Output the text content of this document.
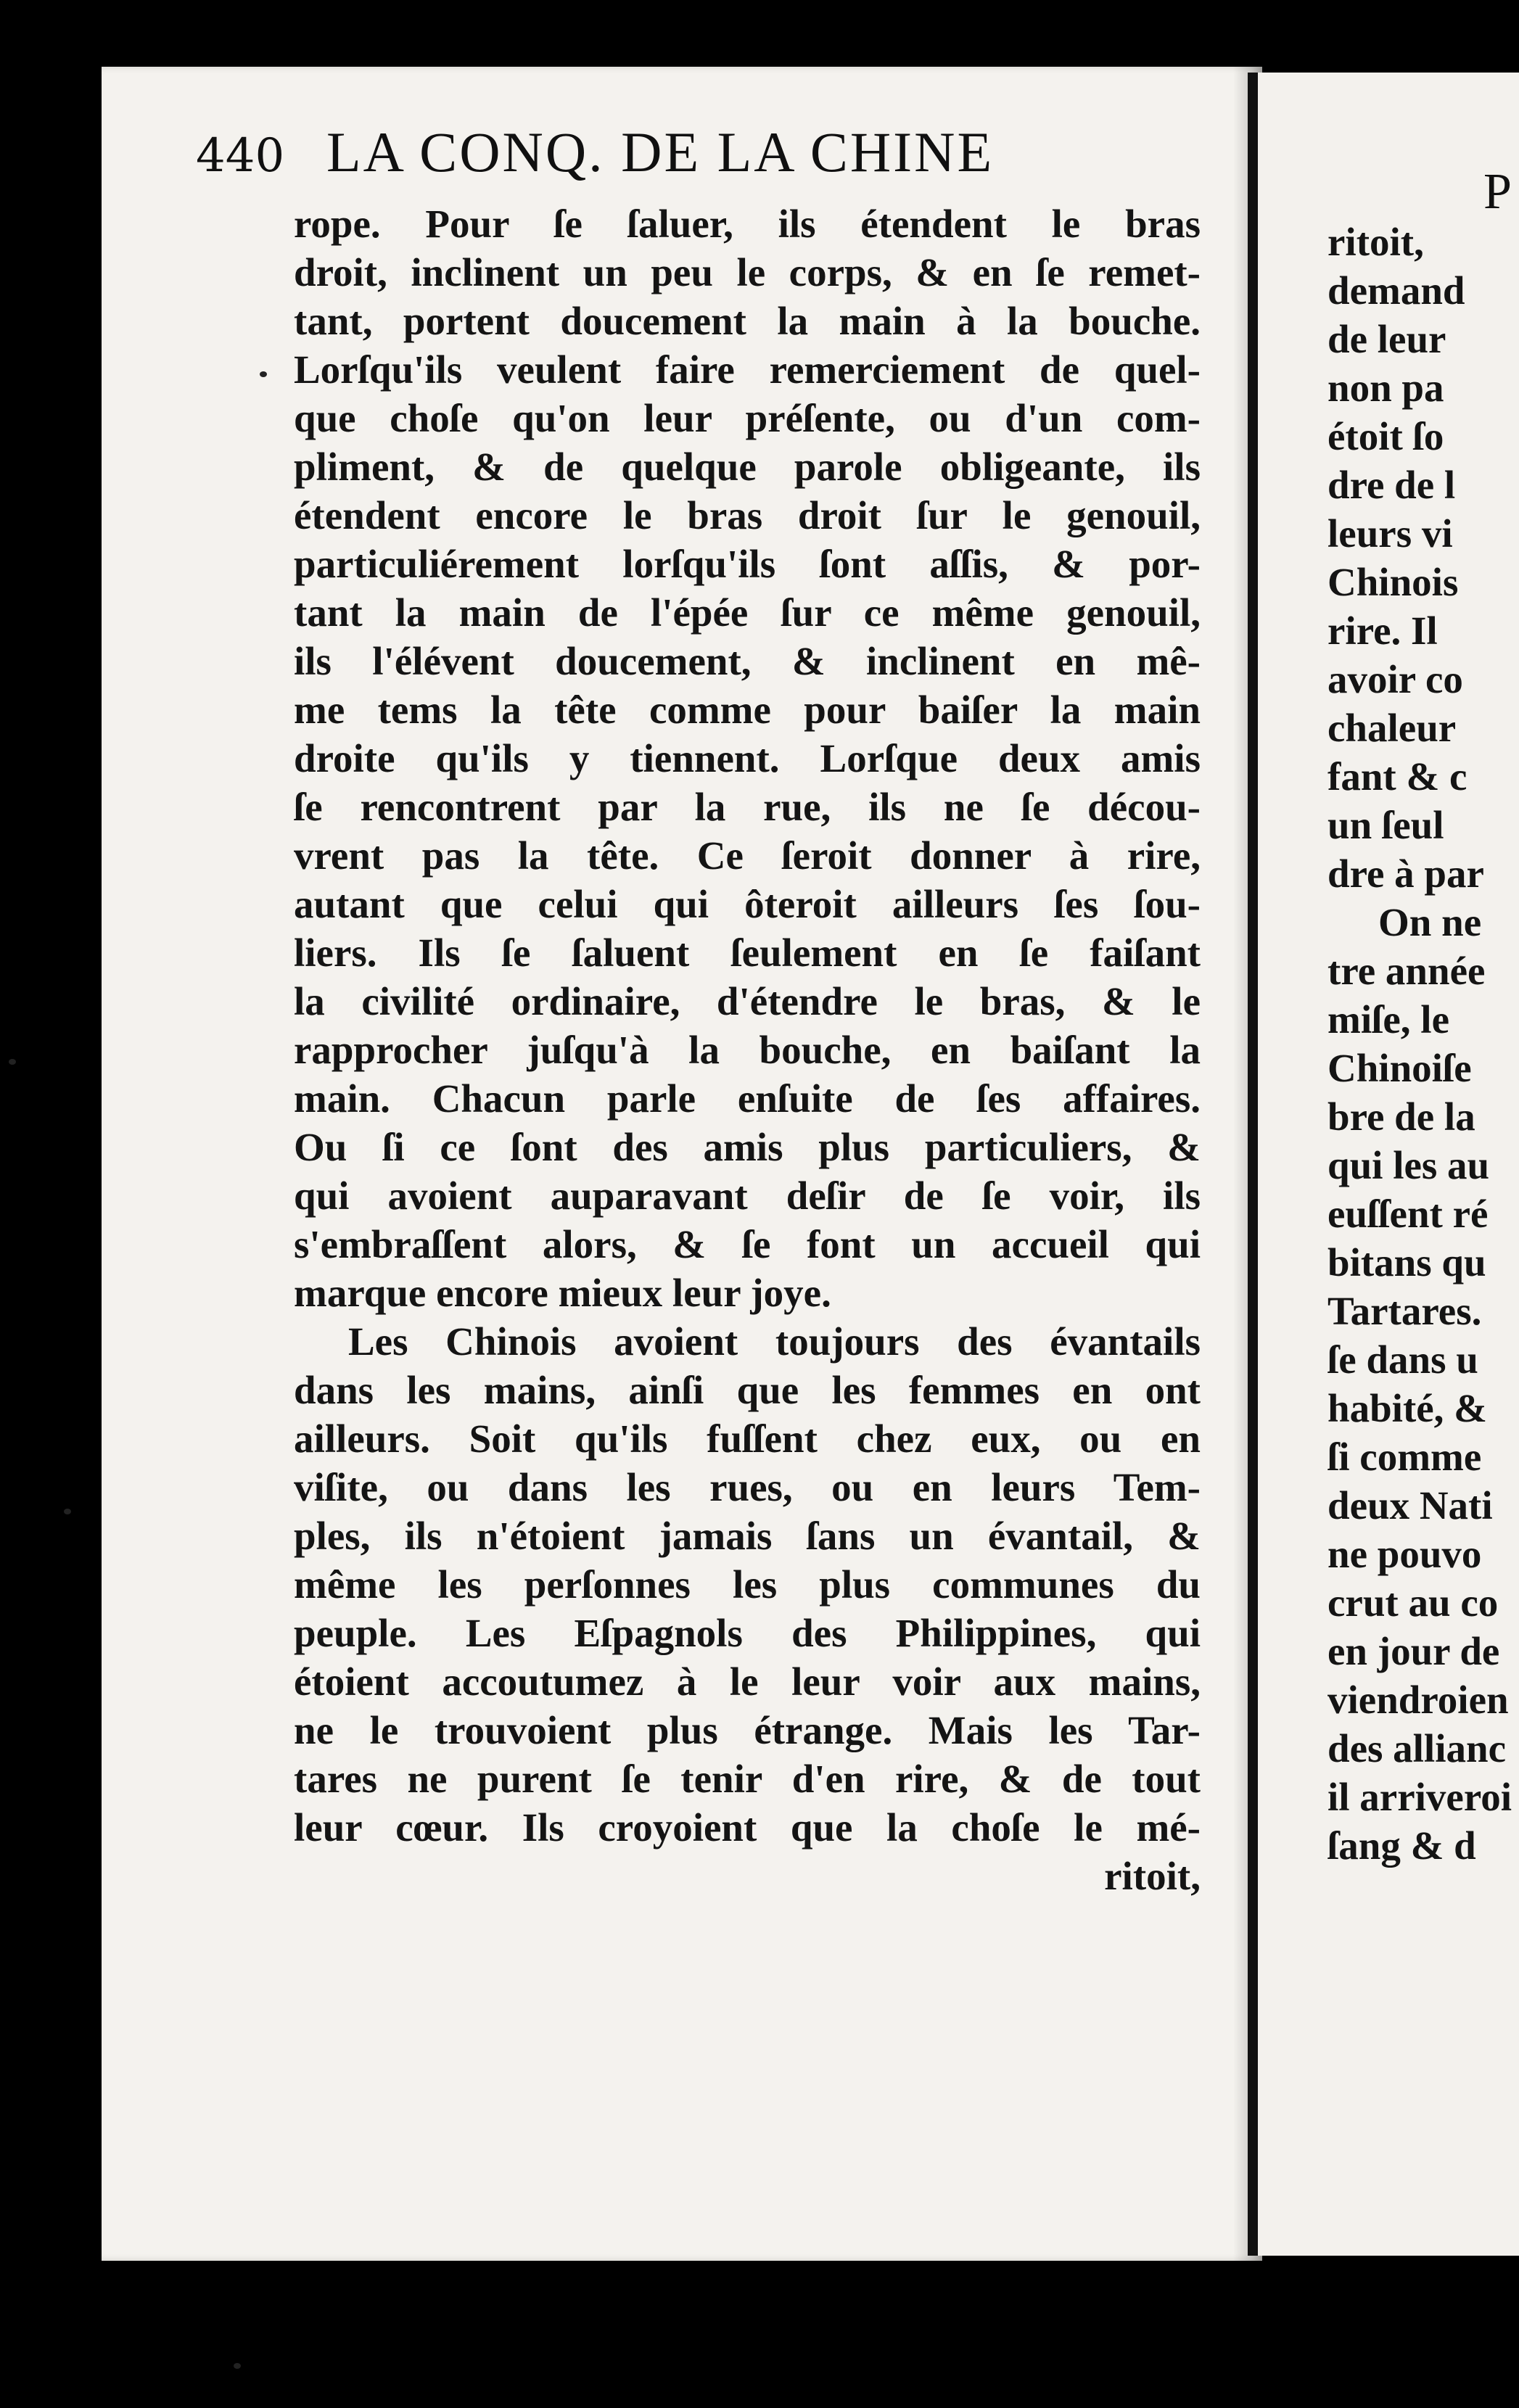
440 LA CONQ. DE LA CHINE
rope. Pour ſe ſaluer, ils étendent le bras
droit, inclinent un peu le corps, & en ſe remet-
tant, portent doucement la main à la bouche.
Lorſqu'ils veulent faire remerciement de quel-
que choſe qu'on leur préſente, ou d'un com-
pliment, & de quelque parole obligeante, ils
étendent encore le bras droit ſur le genouil,
particuliérement lorſqu'ils ſont aſſis, & por-
tant la main de l'épée ſur ce même genouil,
ils l'élévent doucement, & inclinent en mê-
me tems la tête comme pour baiſer la main
droite qu'ils y tiennent. Lorſque deux amis
ſe rencontrent par la rue, ils ne ſe décou-
vrent pas la tête. Ce ſeroit donner à rire,
autant que celui qui ôteroit ailleurs ſes ſou-
liers. Ils ſe ſaluent ſeulement en ſe faiſant
la civilité ordinaire, d'étendre le bras, & le
rapprocher juſqu'à la bouche, en baiſant la
main. Chacun parle enſuite de ſes affaires.
Ou ſi ce ſont des amis plus particuliers, &
qui avoient auparavant deſir de ſe voir, ils
s'embraſſent alors, & ſe font un accueil qui
marque encore mieux leur joye.
Les Chinois avoient toujours des évantails
dans les mains, ainſi que les femmes en ont
ailleurs. Soit qu'ils fuſſent chez eux, ou en
viſite, ou dans les rues, ou en leurs Tem-
ples, ils n'étoient jamais ſans un évantail, &
même les perſonnes les plus communes du
peuple. Les Eſpagnols des Philippines, qui
étoient accoutumez à le leur voir aux mains,
ne le trouvoient plus étrange. Mais les Tar-
tares ne purent ſe tenir d'en rire, & de tout
leur cœur. Ils croyoient que la choſe le mé-
ritoit,
P
ritoit,
demand
de leur
non pa
étoit ſo
dre de l
leurs vi
Chinois
rire. Il
avoir co
chaleur
fant & c
un ſeul
dre à par
On ne
tre année
miſe, le
Chinoiſe
bre de la
qui les au
euſſent ré
bitans qu
Tartares.
ſe dans u
habité, &
ſi comme
deux Nati
ne pouvo
crut au co
en jour de
viendroien
des allianc
il arriveroi
ſang & d
